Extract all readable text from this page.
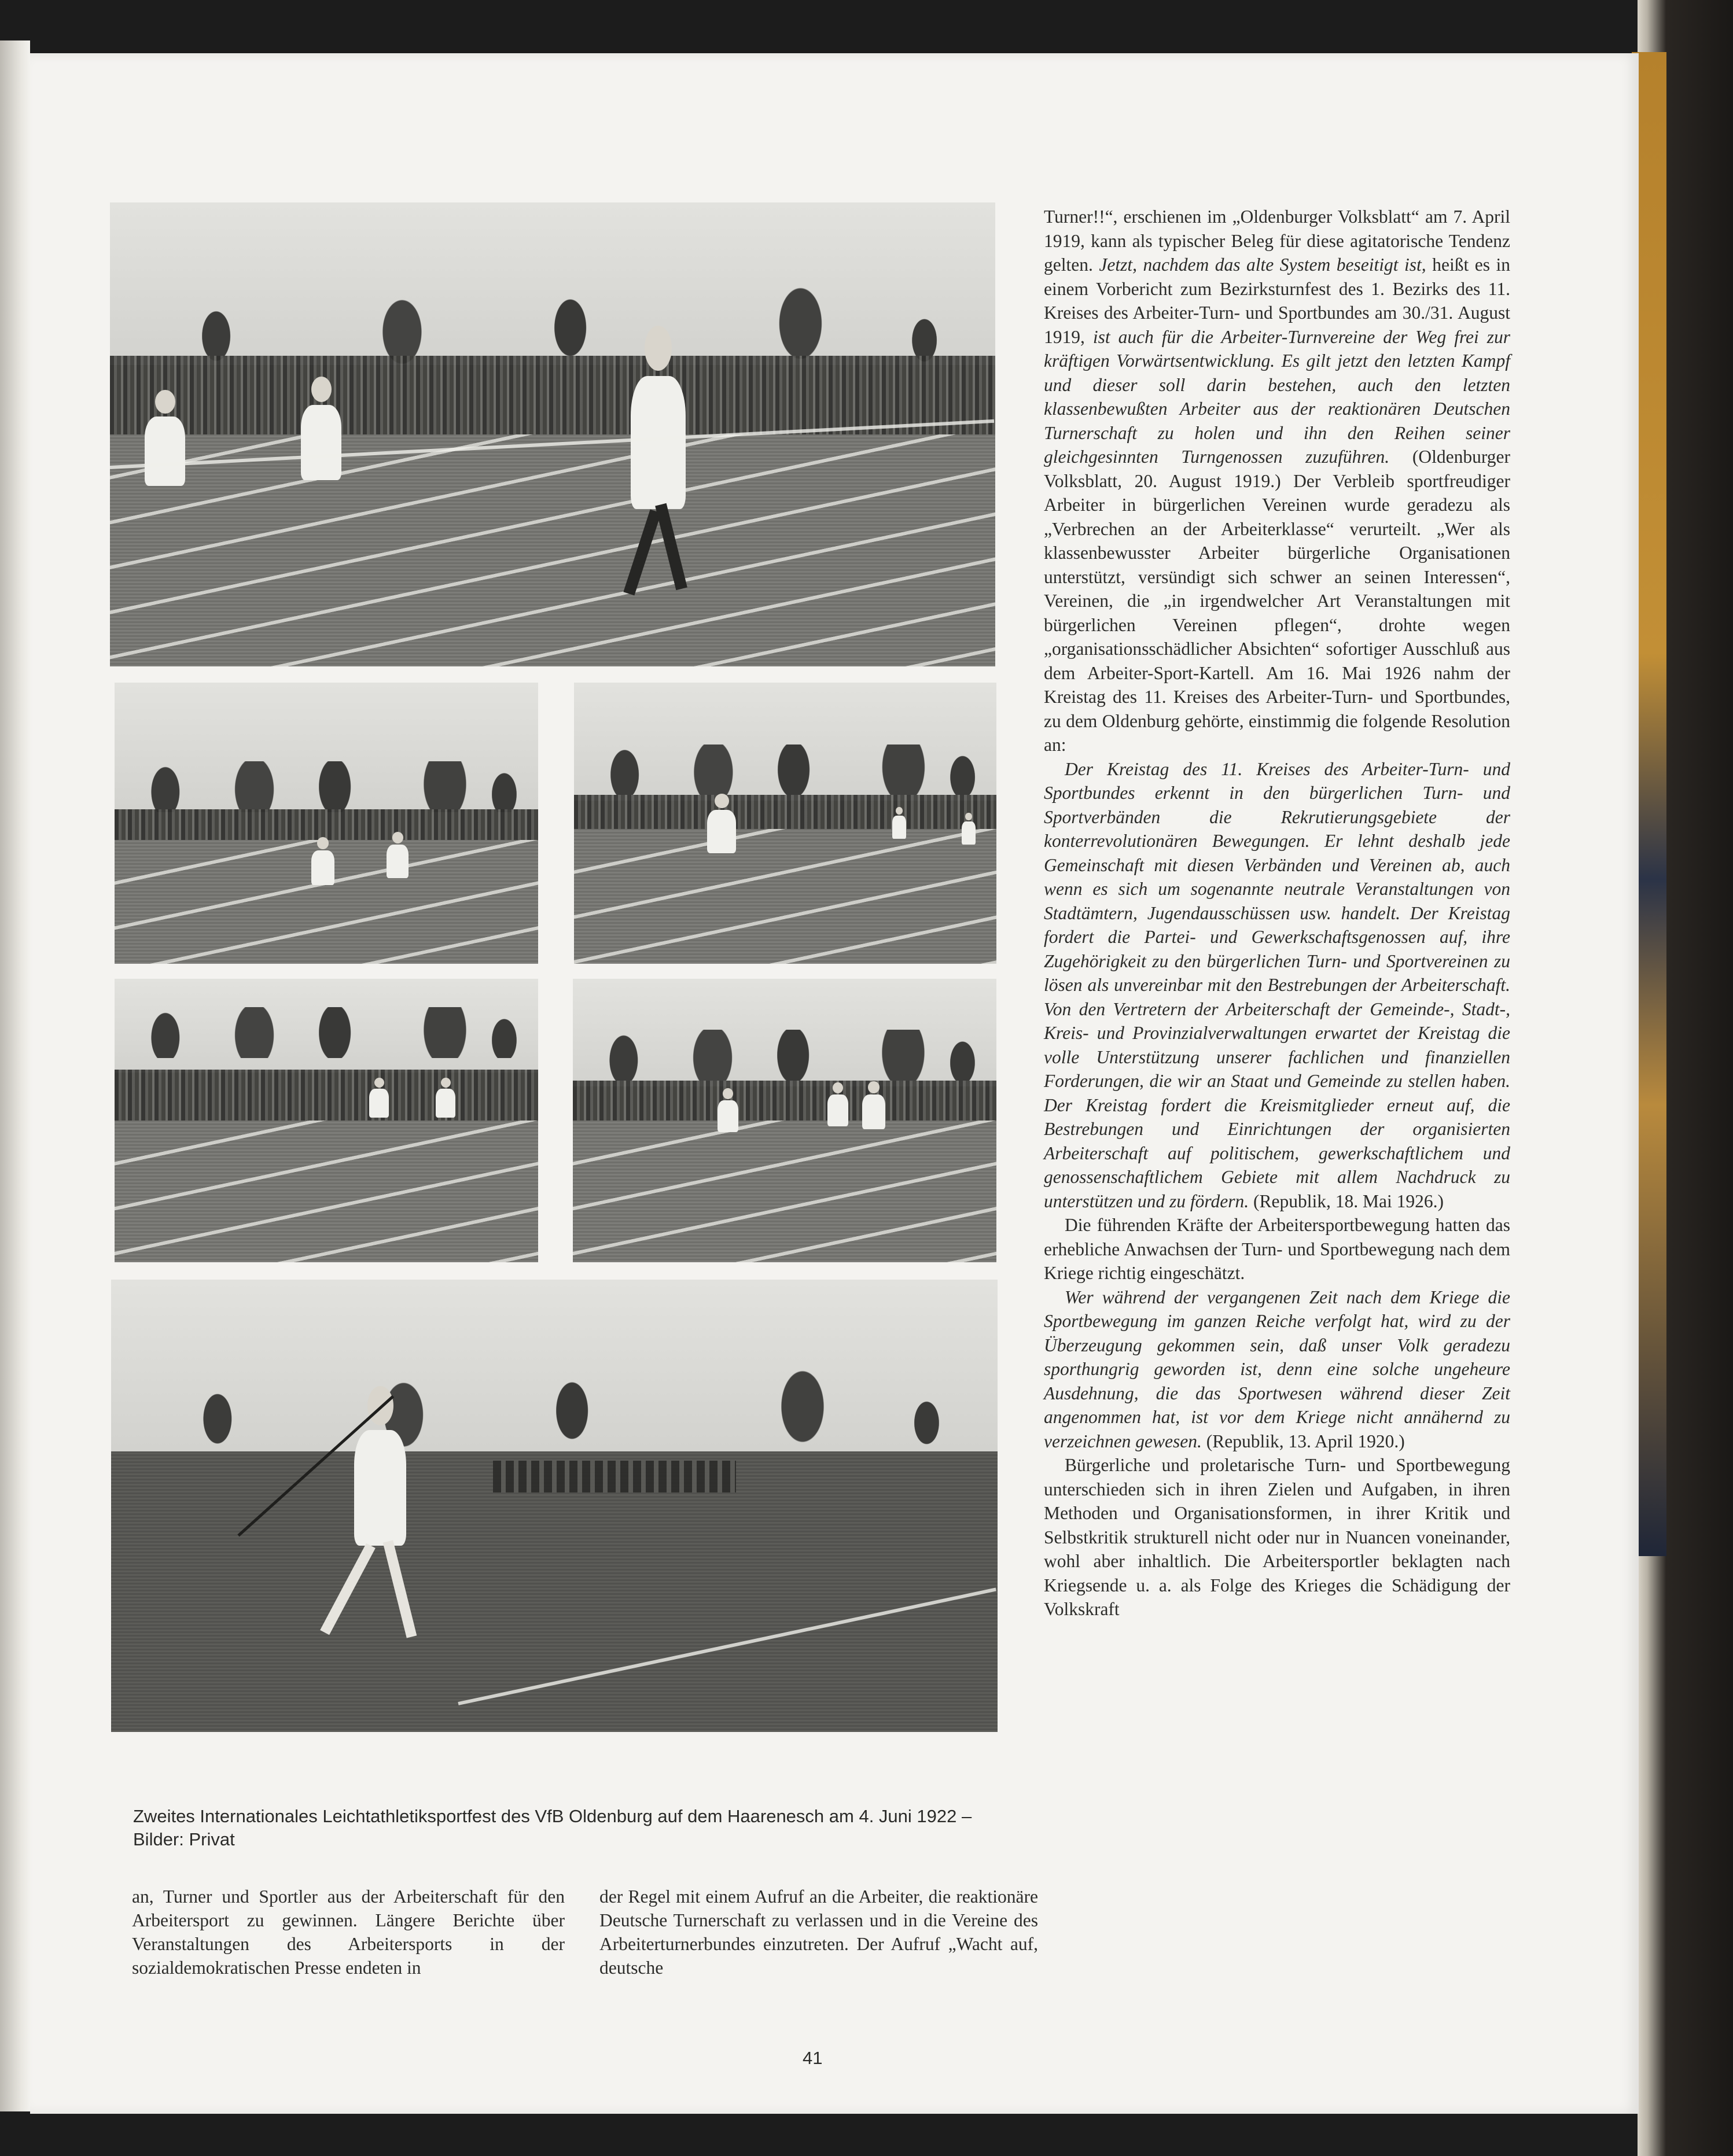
Zweites Internationales Leichtathletiksportfest des VfB Oldenburg auf dem Haarenesch am 4. Juni 1922 –
Bilder: Privat

an, Turner und Sportler aus der Arbeiterschaft für den Arbeitersport zu gewinnen. Längere Berichte über Veranstaltungen des Arbeitersports in der sozialdemokratischen Presse endeten in

der Regel mit einem Aufruf an die Arbeiter, die reaktionäre Deutsche Turnerschaft zu verlassen und in die Vereine des Arbeiterturnerbundes einzutreten. Der Aufruf „Wacht auf, deutsche

Turner!!“, erschienen im „Oldenburger Volksblatt“ am 7. April 1919, kann als typischer Beleg für diese agitatorische Tendenz gelten. Jetzt, nachdem das alte System beseitigt ist, heißt es in einem Vorbericht zum Bezirksturnfest des 1. Bezirks des 11. Kreises des Arbeiter-Turn- und Sportbundes am 30./31. August 1919, ist auch für die Arbeiter-Turnvereine der Weg frei zur kräftigen Vorwärtsentwicklung. Es gilt jetzt den letzten Kampf und dieser soll darin bestehen, auch den letzten klassenbewußten Arbeiter aus der reaktionären Deutschen Turnerschaft zu holen und ihn den Reihen seiner gleichgesinnten Turngenossen zuzuführen. (Oldenburger Volksblatt, 20. August 1919.) Der Verbleib sportfreudiger Arbeiter in bürgerlichen Vereinen wurde geradezu als „Verbrechen an der Arbeiterklasse“ verurteilt. „Wer als klassenbewusster Arbeiter bürgerliche Organisationen unterstützt, versündigt sich schwer an seinen Interessen“, Vereinen, die „in irgendwelcher Art Veranstaltungen mit bürgerlichen Vereinen pflegen“, drohte wegen „organisationsschädlicher Absichten“ sofortiger Ausschluß aus dem Arbeiter-Sport-Kartell. Am 16. Mai 1926 nahm der Kreistag des 11. Kreises des Arbeiter-Turn- und Sportbundes, zu dem Oldenburg gehörte, einstimmig die folgende Resolution an:

Der Kreistag des 11. Kreises des Arbeiter-Turn- und Sportbundes erkennt in den bürgerlichen Turn- und Sportverbänden die Rekrutierungsgebiete der konterrevolutionären Bewegungen. Er lehnt deshalb jede Gemeinschaft mit diesen Verbänden und Vereinen ab, auch wenn es sich um sogenannte neutrale Veranstaltungen von Stadtämtern, Jugendausschüssen usw. handelt. Der Kreistag fordert die Partei- und Gewerkschaftsgenossen auf, ihre Zugehörigkeit zu den bürgerlichen Turn- und Sportvereinen zu lösen als unvereinbar mit den Bestrebungen der Arbeiterschaft. Von den Vertretern der Arbeiterschaft der Gemeinde-, Stadt-, Kreis- und Provinzialverwaltungen erwartet der Kreistag die volle Unterstützung unserer fachlichen und finanziellen Forderungen, die wir an Staat und Gemeinde zu stellen haben. Der Kreistag fordert die Kreismitglieder erneut auf, die Bestrebungen und Einrichtungen der organisierten Arbeiterschaft auf politischem, gewerkschaftlichem und genossenschaftlichem Gebiete mit allem Nachdruck zu unterstützen und zu fördern. (Republik, 18. Mai 1926.)

Die führenden Kräfte der Arbeitersportbewegung hatten das erhebliche Anwachsen der Turn- und Sportbewegung nach dem Kriege richtig eingeschätzt.

Wer während der vergangenen Zeit nach dem Kriege die Sportbewegung im ganzen Reiche verfolgt hat, wird zu der Überzeugung gekommen sein, daß unser Volk geradezu sporthungrig geworden ist, denn eine solche ungeheure Ausdehnung, die das Sportwesen während dieser Zeit angenommen hat, ist vor dem Kriege nicht annähernd zu verzeichnen gewesen. (Republik, 13. April 1920.)

Bürgerliche und proletarische Turn- und Sportbewegung unterschieden sich in ihren Zielen und Aufgaben, in ihren Methoden und Organisationsformen, in ihrer Kritik und Selbstkritik strukturell nicht oder nur in Nuancen voneinander, wohl aber inhaltlich. Die Arbeitersportler beklagten nach Kriegsende u. a. als Folge des Krieges die Schädigung der Volkskraft

41
